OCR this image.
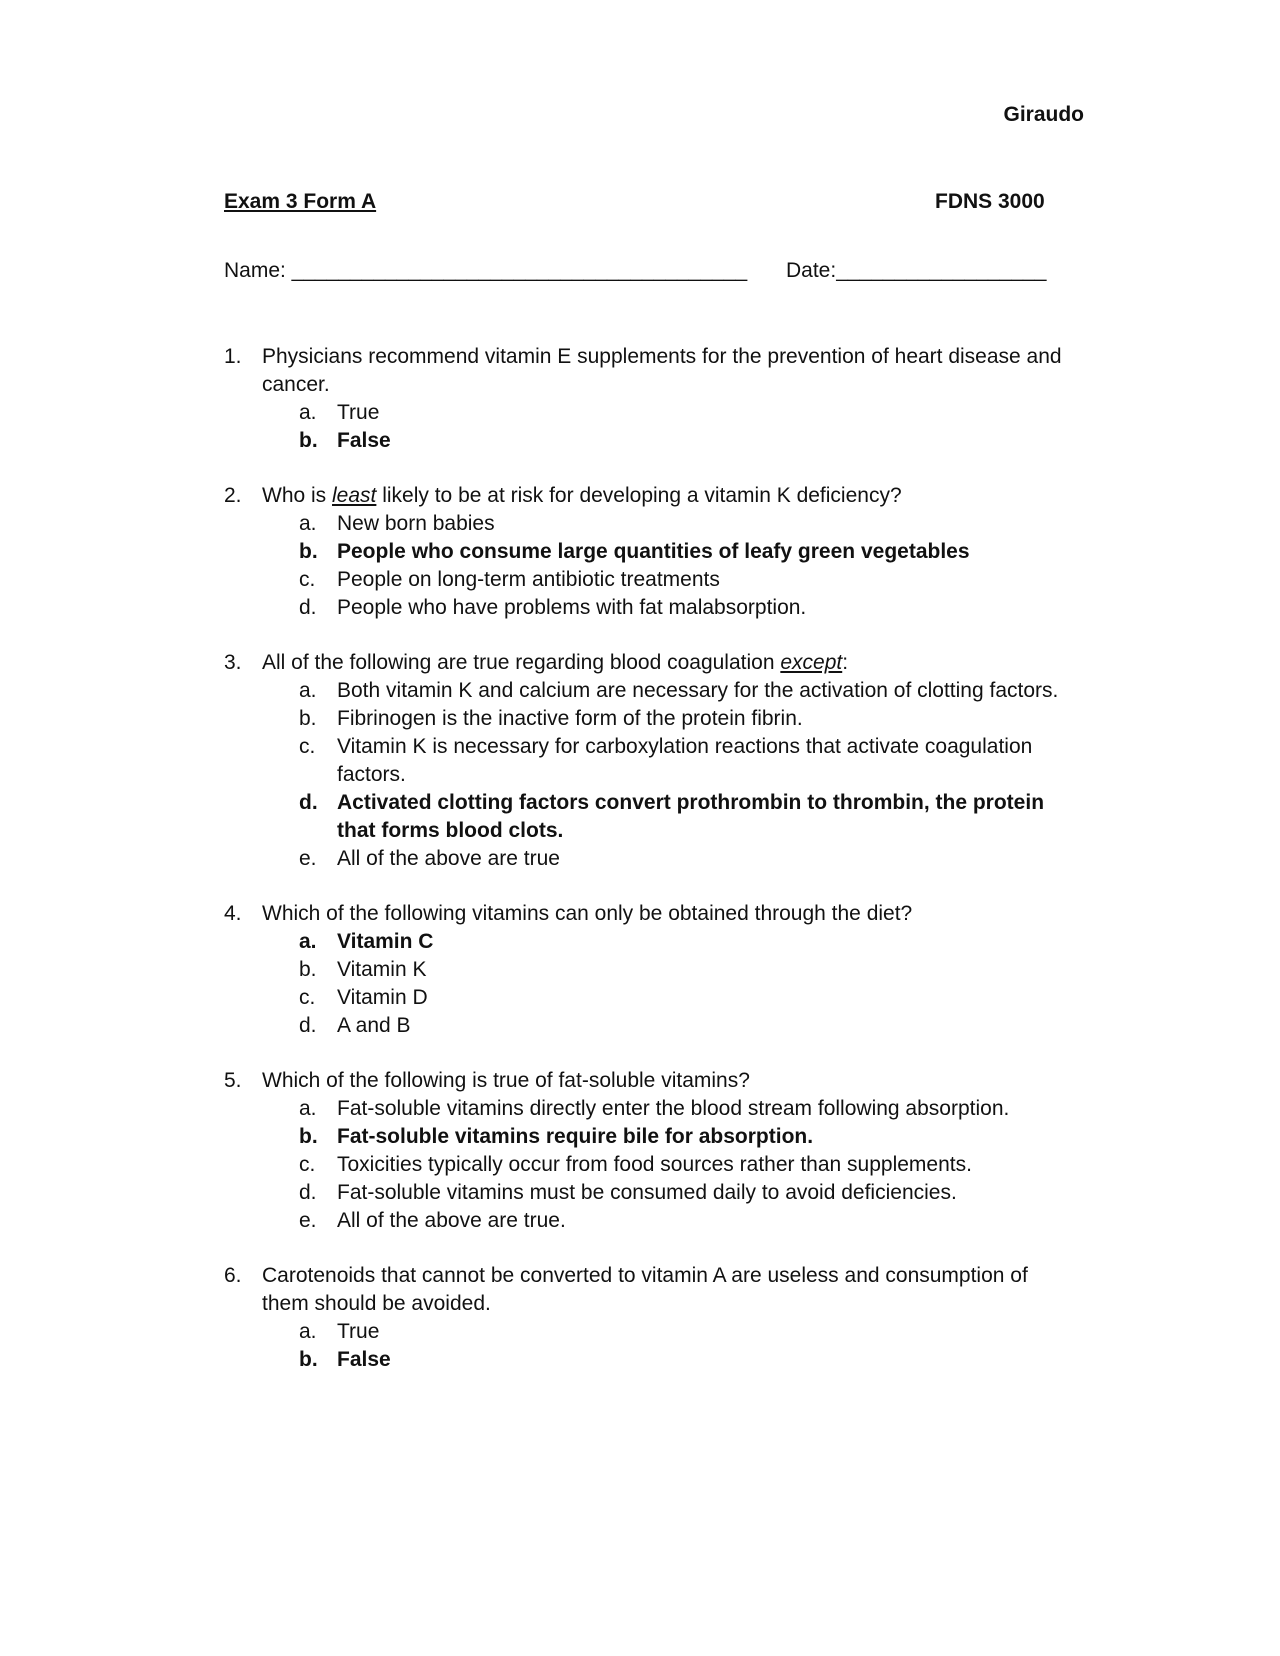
Giraudo
Exam 3 Form A	FDNS 3000
Name: _______________________________________ Date:__________________
1. Physicians recommend vitamin E supplements for the prevention of heart disease and cancer.
a. True
b. False
2. Who is least likely to be at risk for developing a vitamin K deficiency?
a. New born babies
b. People who consume large quantities of leafy green vegetables
c.	People on long-term antibiotic treatments
d. People who have problems with fat malabsorption.
3. All of the following are true regarding blood coagulation except:
a. Both vitamin K and calcium are necessary for the activation of clotting factors.
b. Fibrinogen is the inactive form of the protein fibrin.
c.	Vitamin K is necessary for carboxylation reactions that activate coagulation factors.
d. Activated clotting factors convert prothrombin to thrombin, the protein that forms blood clots.
e. All of the above are true
4. Which of the following vitamins can only be obtained through the diet?
a. Vitamin C
b. Vitamin K
c.	Vitamin D
d. A and B
5. Which of the following is true of fat-soluble vitamins?
a. Fat-soluble vitamins directly enter the blood stream following absorption.
b. Fat-soluble vitamins require bile for absorption.
c.	Toxicities typically occur from food sources rather than supplements.
d. Fat-soluble vitamins must be consumed daily to avoid deficiencies.
e. All of the above are true.
6. Carotenoids that cannot be converted to vitamin A are useless and consumption of them should be avoided.
a. True
b. False
